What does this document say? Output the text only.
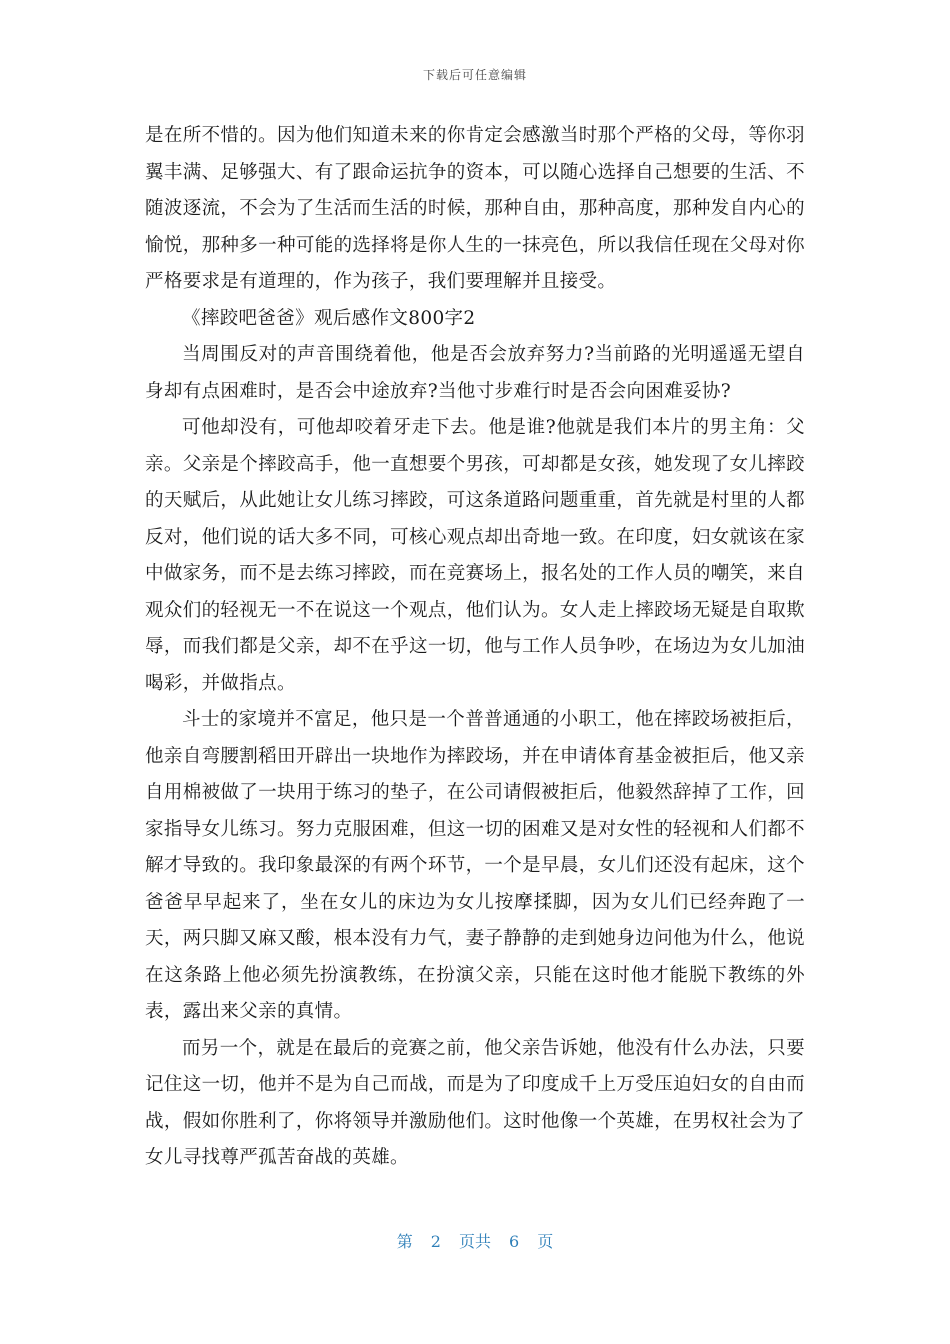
下载后可任意编辑

是在所不惜的。因为他们知道未来的你肯定会感激当时那个严格的父母，等你羽翼丰满、足够强大、有了跟命运抗争的资本，可以随心选择自己想要的生活、不随波逐流，不会为了生活而生活的时候，那种自由，那种高度，那种发自内心的愉悦，那种多一种可能的选择将是你人生的一抹亮色，所以我信任现在父母对你严格要求是有道理的，作为孩子，我们要理解并且接受。

《摔跤吧爸爸》观后感作文800字2

当周围反对的声音围绕着他，他是否会放弃努力?当前路的光明遥遥无望自身却有点困难时，是否会中途放弃?当他寸步难行时是否会向困难妥协?

可他却没有，可他却咬着牙走下去。他是谁?他就是我们本片的男主角：父亲。父亲是个摔跤高手，他一直想要个男孩，可却都是女孩，她发现了女儿摔跤的天赋后，从此她让女儿练习摔跤，可这条道路问题重重，首先就是村里的人都反对，他们说的话大多不同，可核心观点却出奇地一致。在印度，妇女就该在家中做家务，而不是去练习摔跤，而在竞赛场上，报名处的工作人员的嘲笑，来自观众们的轻视无一不在说这一个观点，他们认为。女人走上摔跤场无疑是自取欺辱，而我们都是父亲，却不在乎这一切，他与工作人员争吵，在场边为女儿加油喝彩，并做指点。

斗士的家境并不富足，他只是一个普普通通的小职工，他在摔跤场被拒后，他亲自弯腰割稻田开辟出一块地作为摔跤场，并在申请体育基金被拒后，他又亲自用棉被做了一块用于练习的垫子，在公司请假被拒后，他毅然辞掉了工作，回家指导女儿练习。努力克服困难，但这一切的困难又是对女性的轻视和人们都不解才导致的。我印象最深的有两个环节，一个是早晨，女儿们还没有起床，这个爸爸早早起来了，坐在女儿的床边为女儿按摩揉脚，因为女儿们已经奔跑了一天，两只脚又麻又酸，根本没有力气，妻子静静的走到她身边问他为什么，他说在这条路上他必须先扮演教练，在扮演父亲，只能在这时他才能脱下教练的外表，露出来父亲的真情。

而另一个，就是在最后的竞赛之前，他父亲告诉她，他没有什么办法，只要记住这一切，他并不是为自己而战，而是为了印度成千上万受压迫妇女的自由而战，假如你胜利了，你将领导并激励他们。这时他像一个英雄，在男权社会为了女儿寻找尊严孤苦奋战的英雄。

第 2 页共 6 页
